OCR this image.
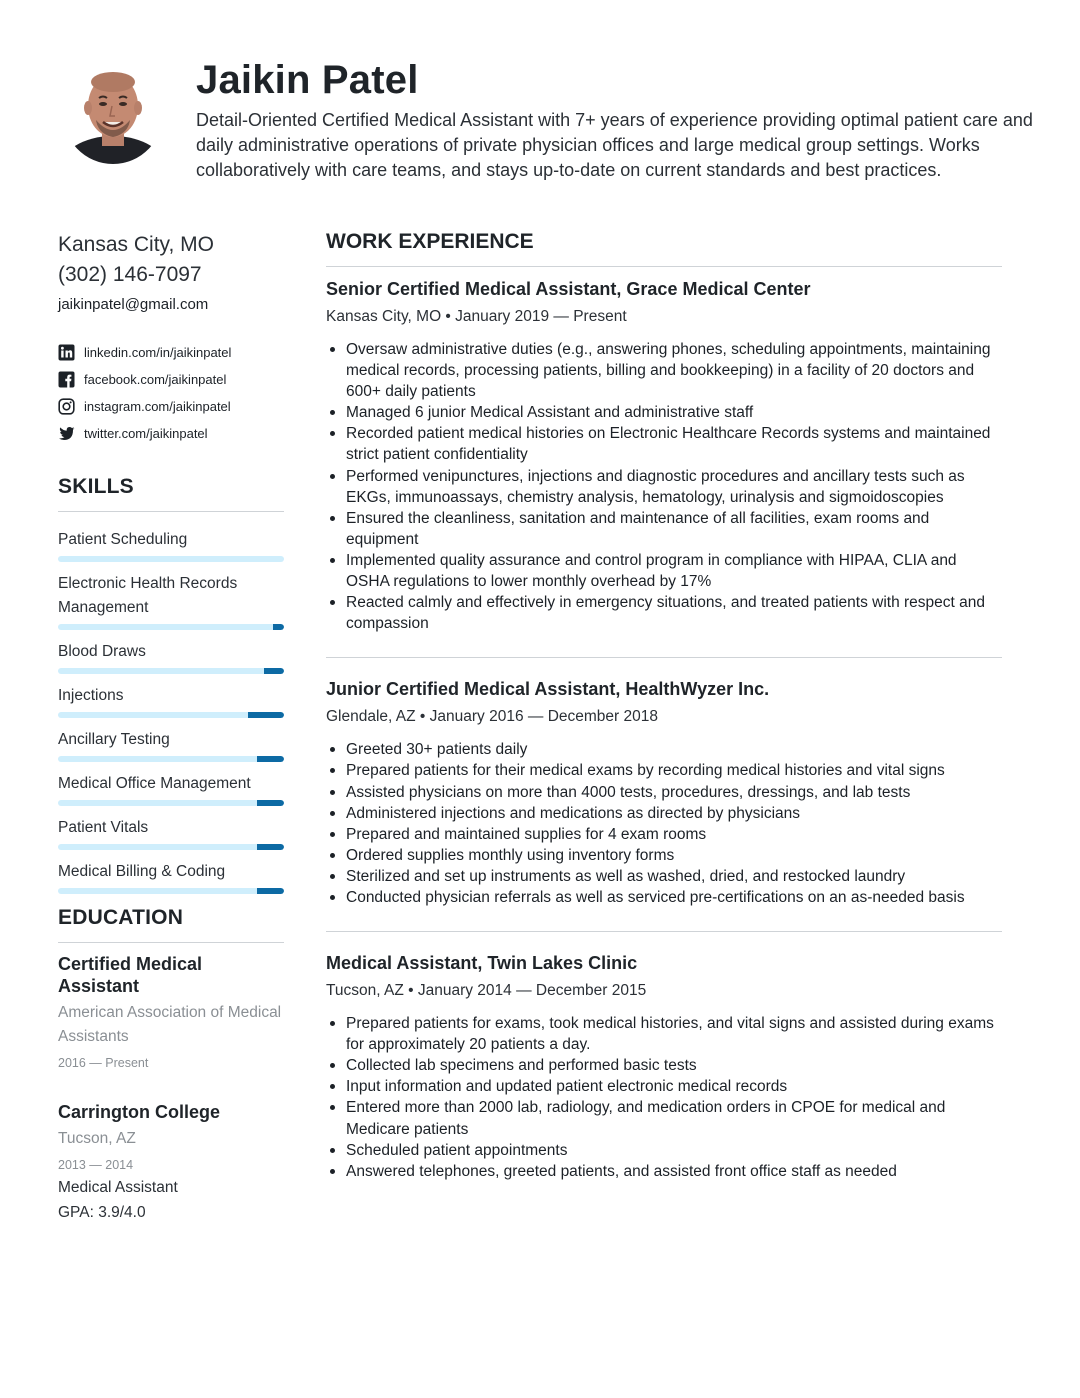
Jaikin Patel
Detail-Oriented Certified Medical Assistant with 7+ years of experience providing optimal patient care and daily administrative operations of private physician offices and large medical group settings. Works collaboratively with care teams, and stays up-to-date on current standards and best practices.
Kansas City, MO
(302) 146-7097
jaikinpatel@gmail.com
linkedin.com/in/jaikinpatel
facebook.com/jaikinpatel
instagram.com/jaikinpatel
twitter.com/jaikinpatel
SKILLS
Patient Scheduling
Electronic Health Records Management
Blood Draws
Injections
Ancillary Testing
Medical Office Management
Patient Vitals
Medical Billing & Coding
EDUCATION
Certified Medical Assistant
American Association of Medical Assistants
2016 — Present
Carrington College
Tucson, AZ
2013 — 2014
Medical Assistant
GPA: 3.9/4.0
WORK EXPERIENCE
Senior Certified Medical Assistant, Grace Medical Center
Kansas City, MO • January 2019 — Present
Oversaw administrative duties (e.g., answering phones, scheduling appointments, maintaining medical records, processing patients, billing and bookkeeping) in a facility of 20 doctors and 600+ daily patients
Managed 6 junior Medical Assistant and administrative staff
Recorded patient medical histories on Electronic Healthcare Records systems and maintained strict patient confidentiality
Performed venipunctures, injections and diagnostic procedures and ancillary tests such as EKGs, immunoassays, chemistry analysis, hematology, urinalysis and sigmoidoscopies
Ensured the cleanliness, sanitation and maintenance of all facilities, exam rooms and equipment
Implemented quality assurance and control program in compliance with HIPAA, CLIA and OSHA regulations to lower monthly overhead by 17%
Reacted calmly and effectively in emergency situations, and treated patients with respect and compassion
Junior Certified Medical Assistant, HealthWyzer Inc.
Glendale, AZ • January 2016 — December 2018
Greeted 30+ patients daily
Prepared patients for their medical exams by recording medical histories and vital signs
Assisted physicians on more than 4000 tests, procedures, dressings, and lab tests
Administered injections and medications as directed by physicians
Prepared and maintained supplies for 4 exam rooms
Ordered supplies monthly using inventory forms
Sterilized and set up instruments as well as washed, dried, and restocked laundry
Conducted physician referrals as well as serviced pre-certifications on an as-needed basis
Medical Assistant, Twin Lakes Clinic
Tucson, AZ • January 2014 — December 2015
Prepared patients for exams, took medical histories, and vital signs and assisted during exams for approximately 20 patients a day.
Collected lab specimens and performed basic tests
Input information and updated patient electronic medical records
Entered more than 2000 lab, radiology, and medication orders in CPOE for medical and Medicare patients
Scheduled patient appointments
Answered telephones, greeted patients, and assisted front office staff as needed
